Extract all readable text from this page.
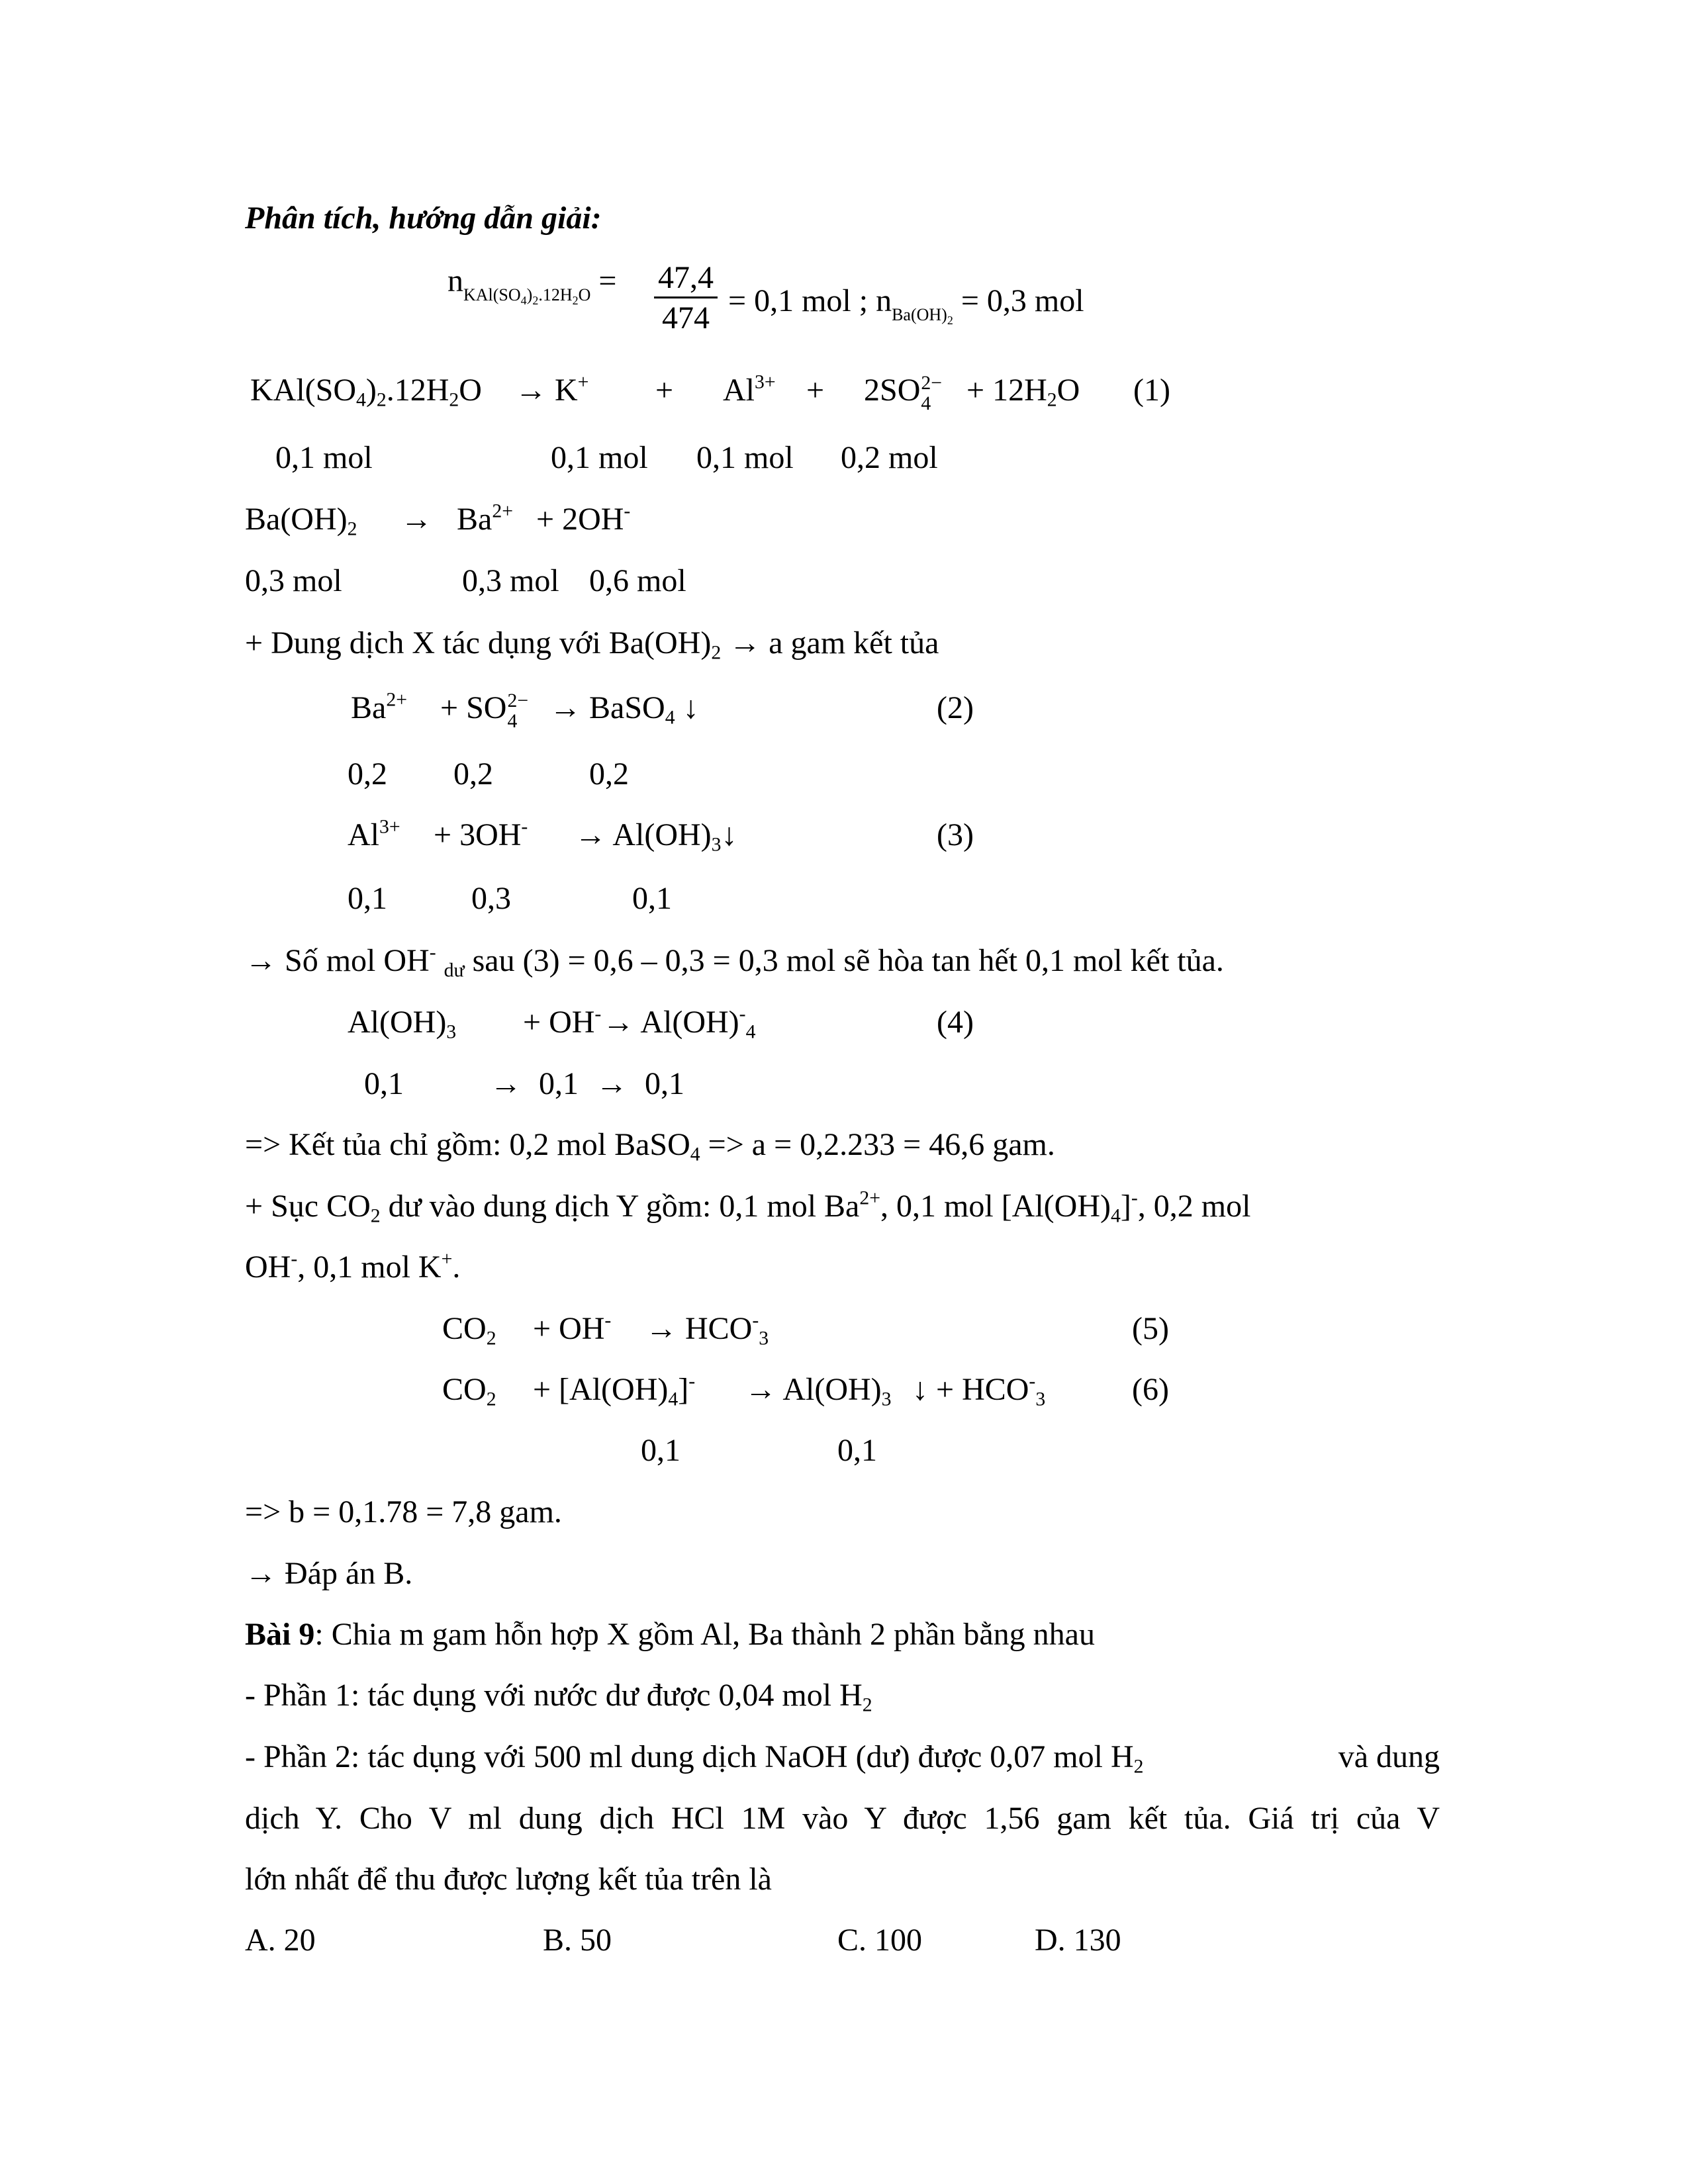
Phân tích, hướng dẫn giải:
$n_{KAl(SO_4)_2.12H_2O} = \frac{47,4}{474} = 0,1$ mol ; $n_{Ba(OH)_2} = 0,3$ mol
$KAl(SO_4)_2.12H_2O \to K^+ + Al^{3+} + 2SO$ 2−
4	+ $12H_2O$ (1)
0,1 mol	0,1 mol 0,1 mol 0,2 mol
$Ba(OH)_2 \to Ba^{2+} + 2OH^-$
0,3 mol	0,3 mol 0,6 mol
+ Dung dịch X tác dụng với $Ba(OH)_2 \to a$ gam kết tủa
$Ba^{2+}$ + SO 2−
4	→ BaSO$_4$ ↓	(2)
0,2 0,2	0,2
$Al^{3+} + 3OH^-$ → $Al(OH)_3↓$	(3)
0,1	0,3	0,1
→ Số mol OH- $_{dư}$ sau (3) = 0,6 – 0,3 = 0,3 mol sẽ hòa tan hết 0,1 mol kết tủa.
$Al(OH)_3 + OH^- \to Al(OH)^-_4$	(4)
0,1	→ 0,1 → 0,1
=> Kết tủa chỉ gồm: 0,2 mol BaSO$_4$ => a = 0,2.233 = 46,6 gam.
+ Sục $CO_2$ dư vào dung dịch Y gồm: 0,1 mol $Ba^{2+}$, 0,1 mol $[Al(OH)_4]^-$, 0,2 mol
OH-, 0,1 mol K+.
$CO_2 + OH^- \to HCO^-_3$	(5)
$CO_2 + [Al(OH)_4]^- \to Al(OH)_3$ ↓ + $HCO^-_3$	(6)
0,1	0,1
=> b = 0,1.78 = 7,8 gam.
→ Đáp án B.
Bài 9: Chia m gam hỗn hợp X gồm Al, Ba thành 2 phần bằng nhau
- Phần 1: tác dụng với nước dư được 0,04 mol $H_2$
- Phần 2: tác dụng với 500 ml dung dịch NaOH (dư) được 0,07 mol $H_2$	và dung
dịch Y. Cho V ml dung dịch HCl 1M vào Y được 1,56 gam kết tủa. Giá trị của V
lớn nhất để thu được lượng kết tủa trên là
A. 20	B. 50	C. 100	D. 130
